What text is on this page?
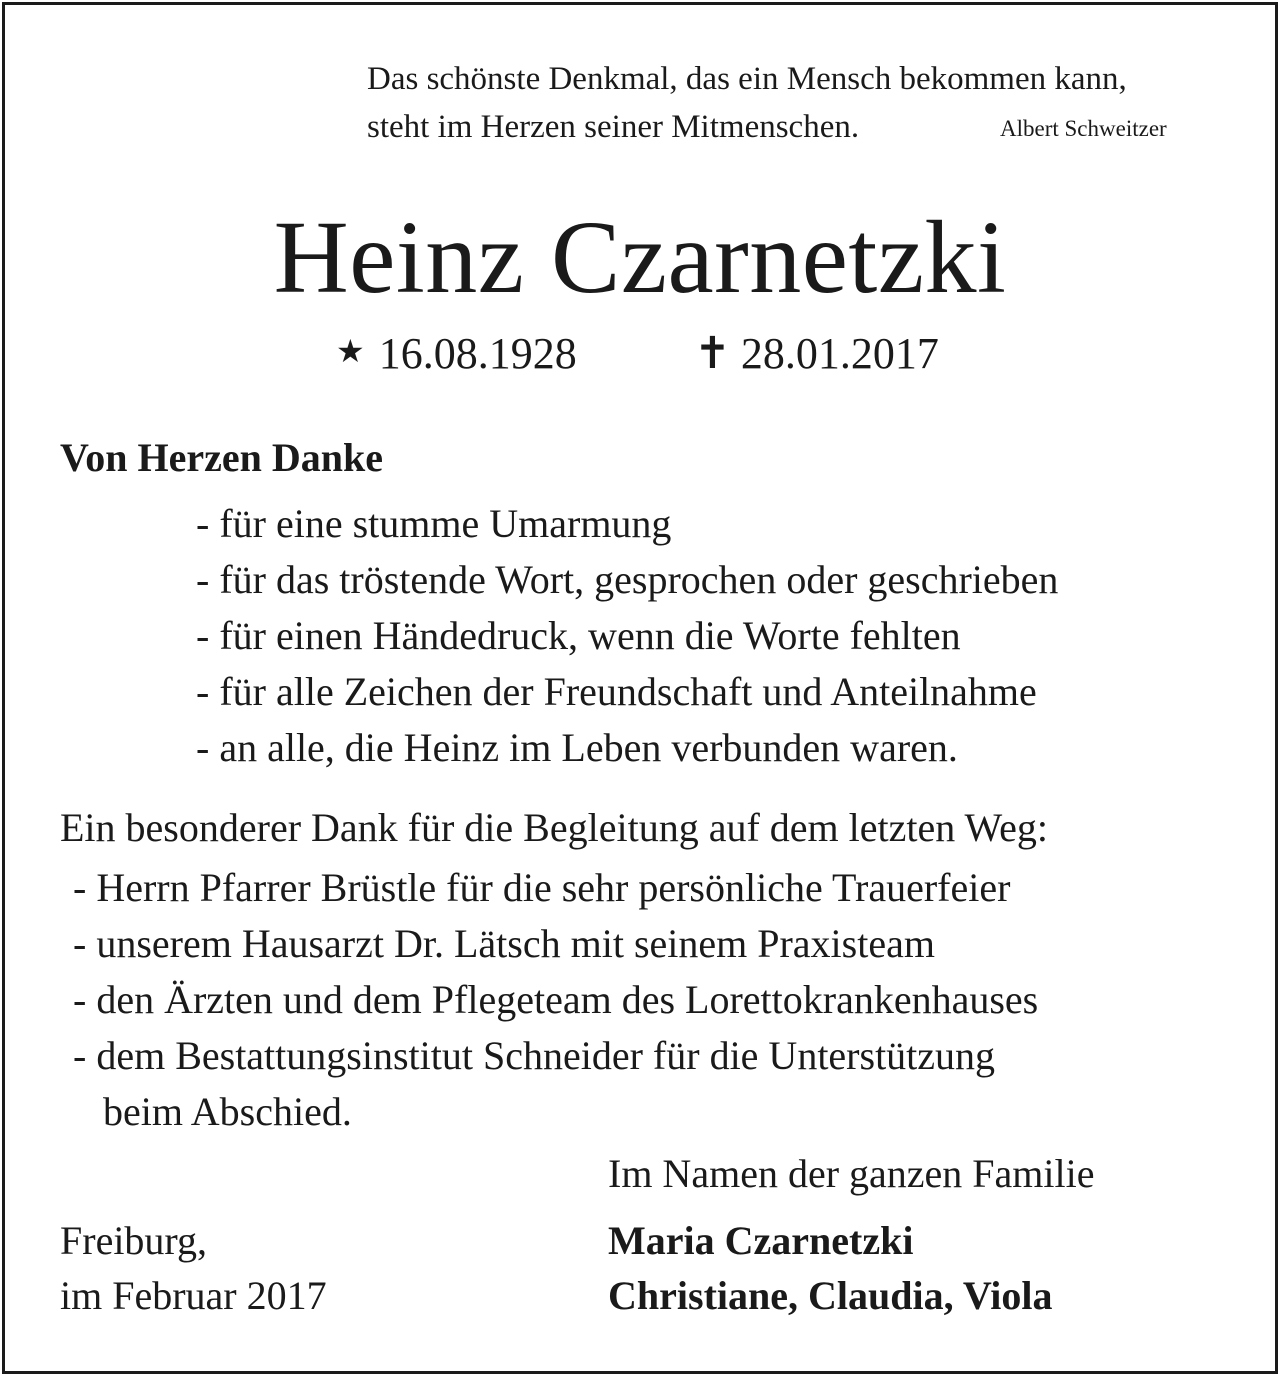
Das schönste Denkmal, das ein Mensch bekommen kann,
steht im Herzen seiner Mitmenschen.	Albert Schweitzer
Heinz Czarnetzki
★ 16.08.1928	✝ 28.01.2017
Von Herzen Danke
- für eine stumme Umarmung
- für das tröstende Wort, gesprochen oder geschrieben
- für einen Händedruck, wenn die Worte fehlten
- für alle Zeichen der Freundschaft und Anteilnahme
- an alle, die Heinz im Leben verbunden waren.
Ein besonderer Dank für die Begleitung auf dem letzten Weg:
- Herrn Pfarrer Brüstle für die sehr persönliche Trauerfeier
- unserem Hausarzt Dr. Lätsch mit seinem Praxisteam
- den Ärzten und dem Pflegeteam des Lorettokrankenhauses
- dem Bestattungsinstitut Schneider für die Unterstützung
beim Abschied.
Im Namen der ganzen Familie
Freiburg,
im Februar 2017
Maria Czarnetzki
Christiane, Claudia, Viola
